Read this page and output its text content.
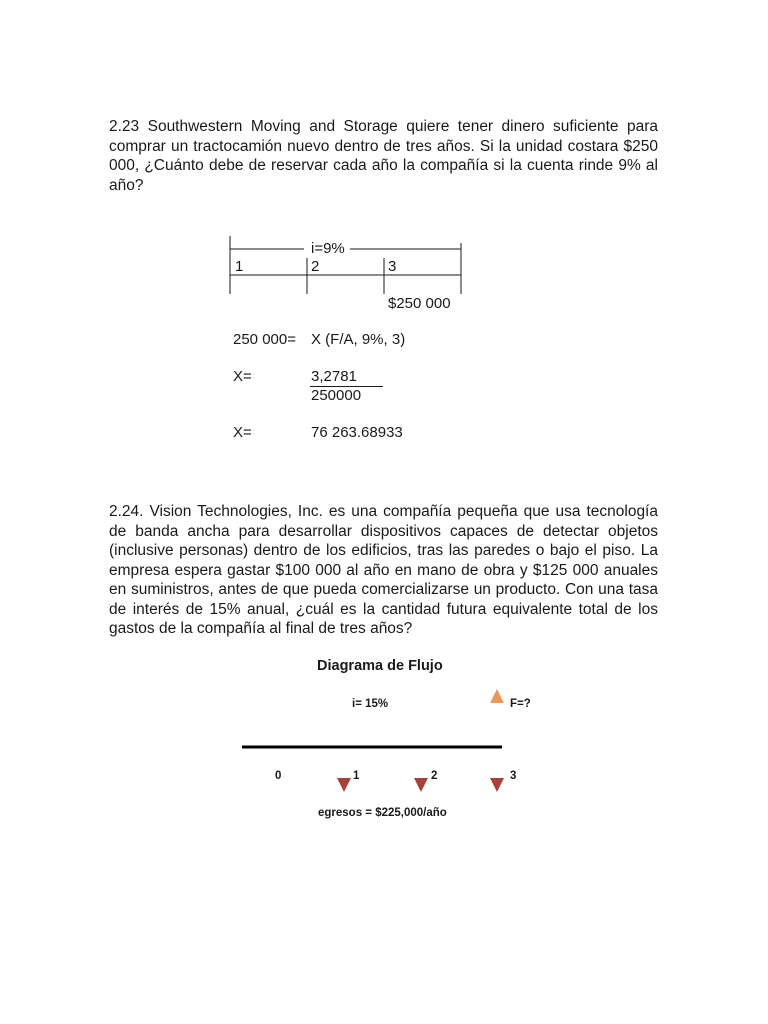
2.23 Southwestern Moving and Storage quiere tener dinero suficiente para comprar un tractocamión nuevo dentro de tres años. Si la unidad costara $250 000, ¿Cuánto debe de reservar cada año la compañía si la cuenta rinde 9% al año?

i=9%
1	2	3
$250 000
250 000= X (F/A, 9%, 3)
X=	3,2781
250000
X=	76 263.68933

2.24. Vision Technologies, Inc. es una compañía pequeña que usa tecnología de banda ancha para desarrollar dispositivos capaces de detectar objetos (inclusive personas) dentro de los edificios, tras las paredes o bajo el piso. La empresa espera gastar $100 000 al año en mano de obra y $125 000 anuales en suministros, antes de que pueda comercializarse un producto. Con una tasa de interés de 15% anual, ¿cuál es la cantidad futura equivalente total de los gastos de la compañía al final de tres años?

Diagrama de Flujo
i= 15%	F=?
0	1	2	3
egresos = $225,000/año
